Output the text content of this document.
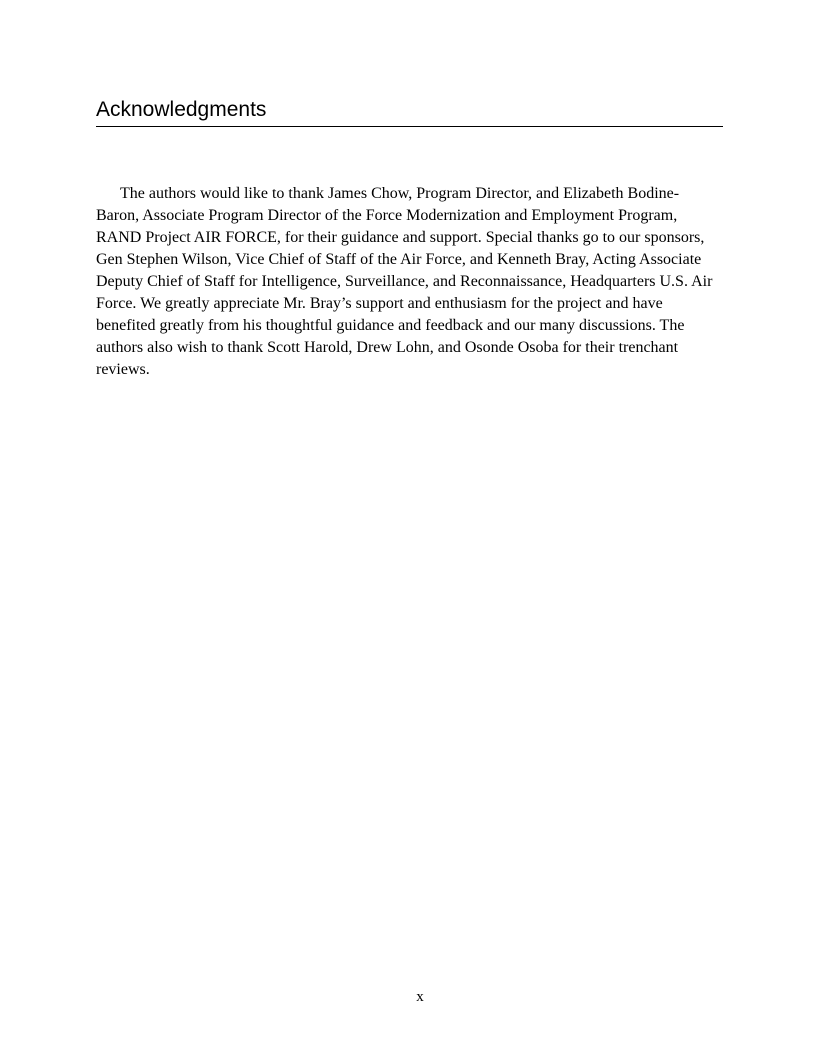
Acknowledgments

The authors would like to thank James Chow, Program Director, and Elizabeth Bodine-Baron, Associate Program Director of the Force Modernization and Employment Program, RAND Project AIR FORCE, for their guidance and support. Special thanks go to our sponsors, Gen Stephen Wilson, Vice Chief of Staff of the Air Force, and Kenneth Bray, Acting Associate Deputy Chief of Staff for Intelligence, Surveillance, and Reconnaissance, Headquarters U.S. Air Force. We greatly appreciate Mr. Bray’s support and enthusiasm for the project and have benefited greatly from his thoughtful guidance and feedback and our many discussions. The authors also wish to thank Scott Harold, Drew Lohn, and Osonde Osoba for their trenchant reviews.

x
